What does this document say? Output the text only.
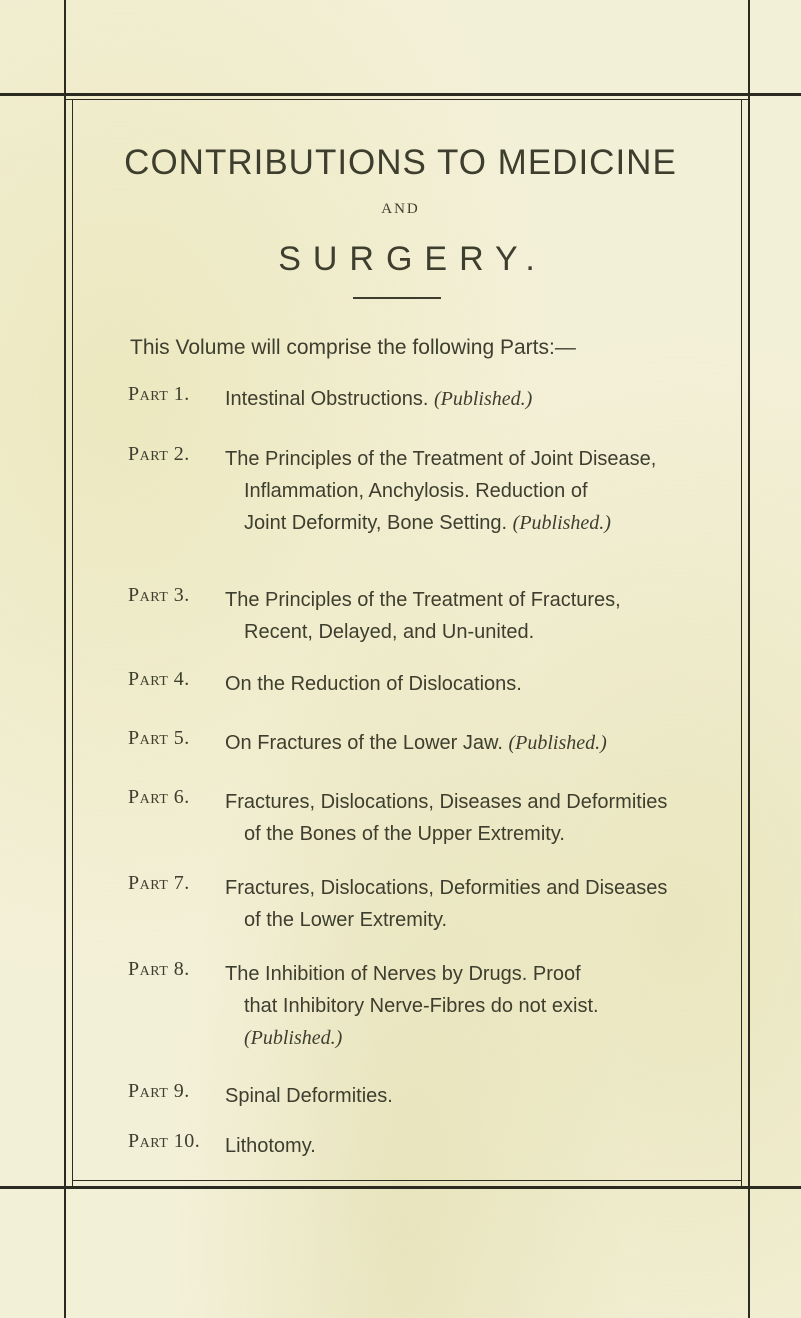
CONTRIBUTIONS TO MEDICINE
AND
SURGERY.
This Volume will comprise the following Parts:—
Part 1. Intestinal Obstructions. (Published.)
Part 2. The Principles of the Treatment of Joint Disease,
Inflammation, Anchylosis. Reduction of
Joint Deformity, Bone Setting. (Published.)
Part 3. The Principles of the Treatment of Fractures,
Recent, Delayed, and Un-united.
Part 4. On the Reduction of Dislocations.
Part 5. On Fractures of the Lower Jaw. (Published.)
Part 6. Fractures, Dislocations, Diseases and Deformities
of the Bones of the Upper Extremity.
Part 7. Fractures, Dislocations, Deformities and Diseases
of the Lower Extremity.
Part 8. The Inhibition of Nerves by Drugs. Proof
that Inhibitory Nerve-Fibres do not exist.
(Published.)
Part 9. Spinal Deformities.
Part 10. Lithotomy.
